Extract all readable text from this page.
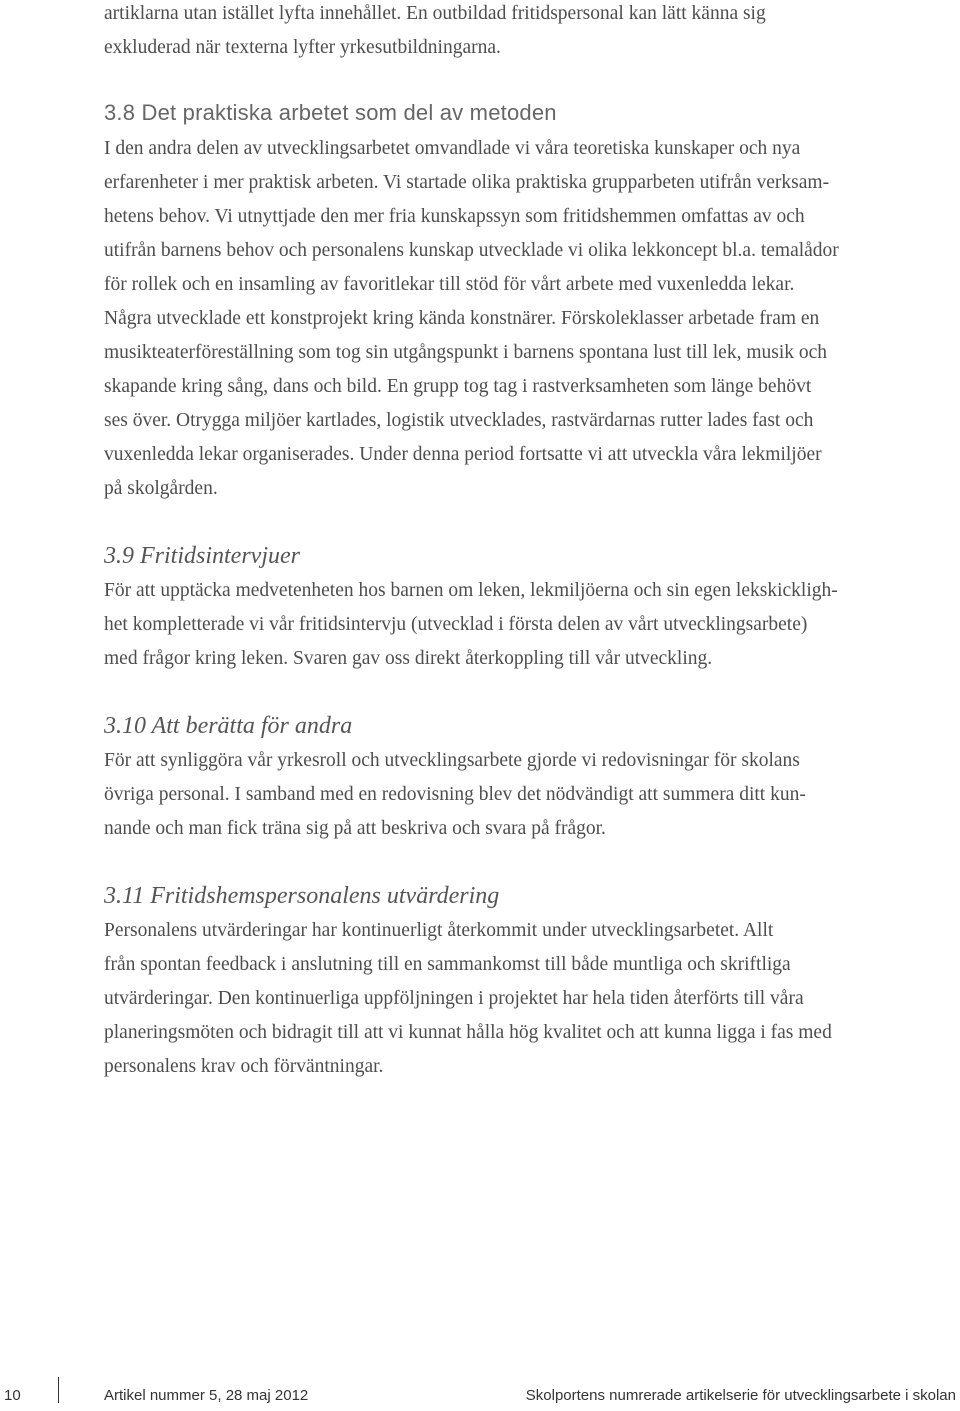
artiklarna utan istället lyfta innehållet. En outbildad fritidspersonal kan lätt känna sig
exkluderad när texterna lyfter yrkesutbildningarna.
3.8 Det praktiska arbetet som del av metoden
I den andra delen av utvecklingsarbetet omvandlade vi våra teoretiska kunskaper och nya
erfarenheter i mer praktisk arbeten. Vi startade olika praktiska grupparbeten utifrån verksam-
hetens behov. Vi utnyttjade den mer fria kunskapssyn som fritidshemmen omfattas av och
utifrån barnens behov och personalens kunskap utvecklade vi olika lekkoncept bl.a. temalådor
för rollek och en insamling av favoritlekar till stöd för vårt arbete med vuxenledda lekar.
Några utvecklade ett konstprojekt kring kända konstnärer. Förskoleklasser arbetade fram en
musikteaterföreställning som tog sin utgångspunkt i barnens spontana lust till lek, musik och
skapande kring sång, dans och bild. En grupp tog tag i rastverksamheten som länge behövt
ses över. Otrygga miljöer kartlades, logistik utvecklades, rastvärdarnas rutter lades fast och
vuxenledda lekar organiserades. Under denna period fortsatte vi att utveckla våra lekmiljöer
på skolgården.
3.9 Fritidsintervjuer
För att upptäcka medvetenheten hos barnen om leken, lekmiljöerna och sin egen lekskickligh-
het kompletterade vi vår fritidsintervju (utvecklad i första delen av vårt utvecklingsarbete)
med frågor kring leken. Svaren gav oss direkt återkoppling till vår utveckling.
3.10 Att berätta för andra
För att synliggöra vår yrkesroll och utvecklingsarbete gjorde vi redovisningar för skolans
övriga personal. I samband med en redovisning blev det nödvändigt att summera ditt kun-
nande och man fick träna sig på att beskriva och svara på frågor.
3.11 Fritidshemspersonalens utvärdering
Personalens utvärderingar har kontinuerligt återkommit under utvecklingsarbetet. Allt
från spontan feedback i anslutning till en sammankomst till både muntliga och skriftliga
utvärderingar. Den kontinuerliga uppföljningen i projektet har hela tiden återförts till våra
planeringsmöten och bidragit till att vi kunnat hålla hög kvalitet och att kunna ligga i fas med
personalens krav och förväntningar.
10	Artikel nummer 5, 28 maj 2012	Skolportens numrerade artikelserie för utvecklingsarbete i skolan
